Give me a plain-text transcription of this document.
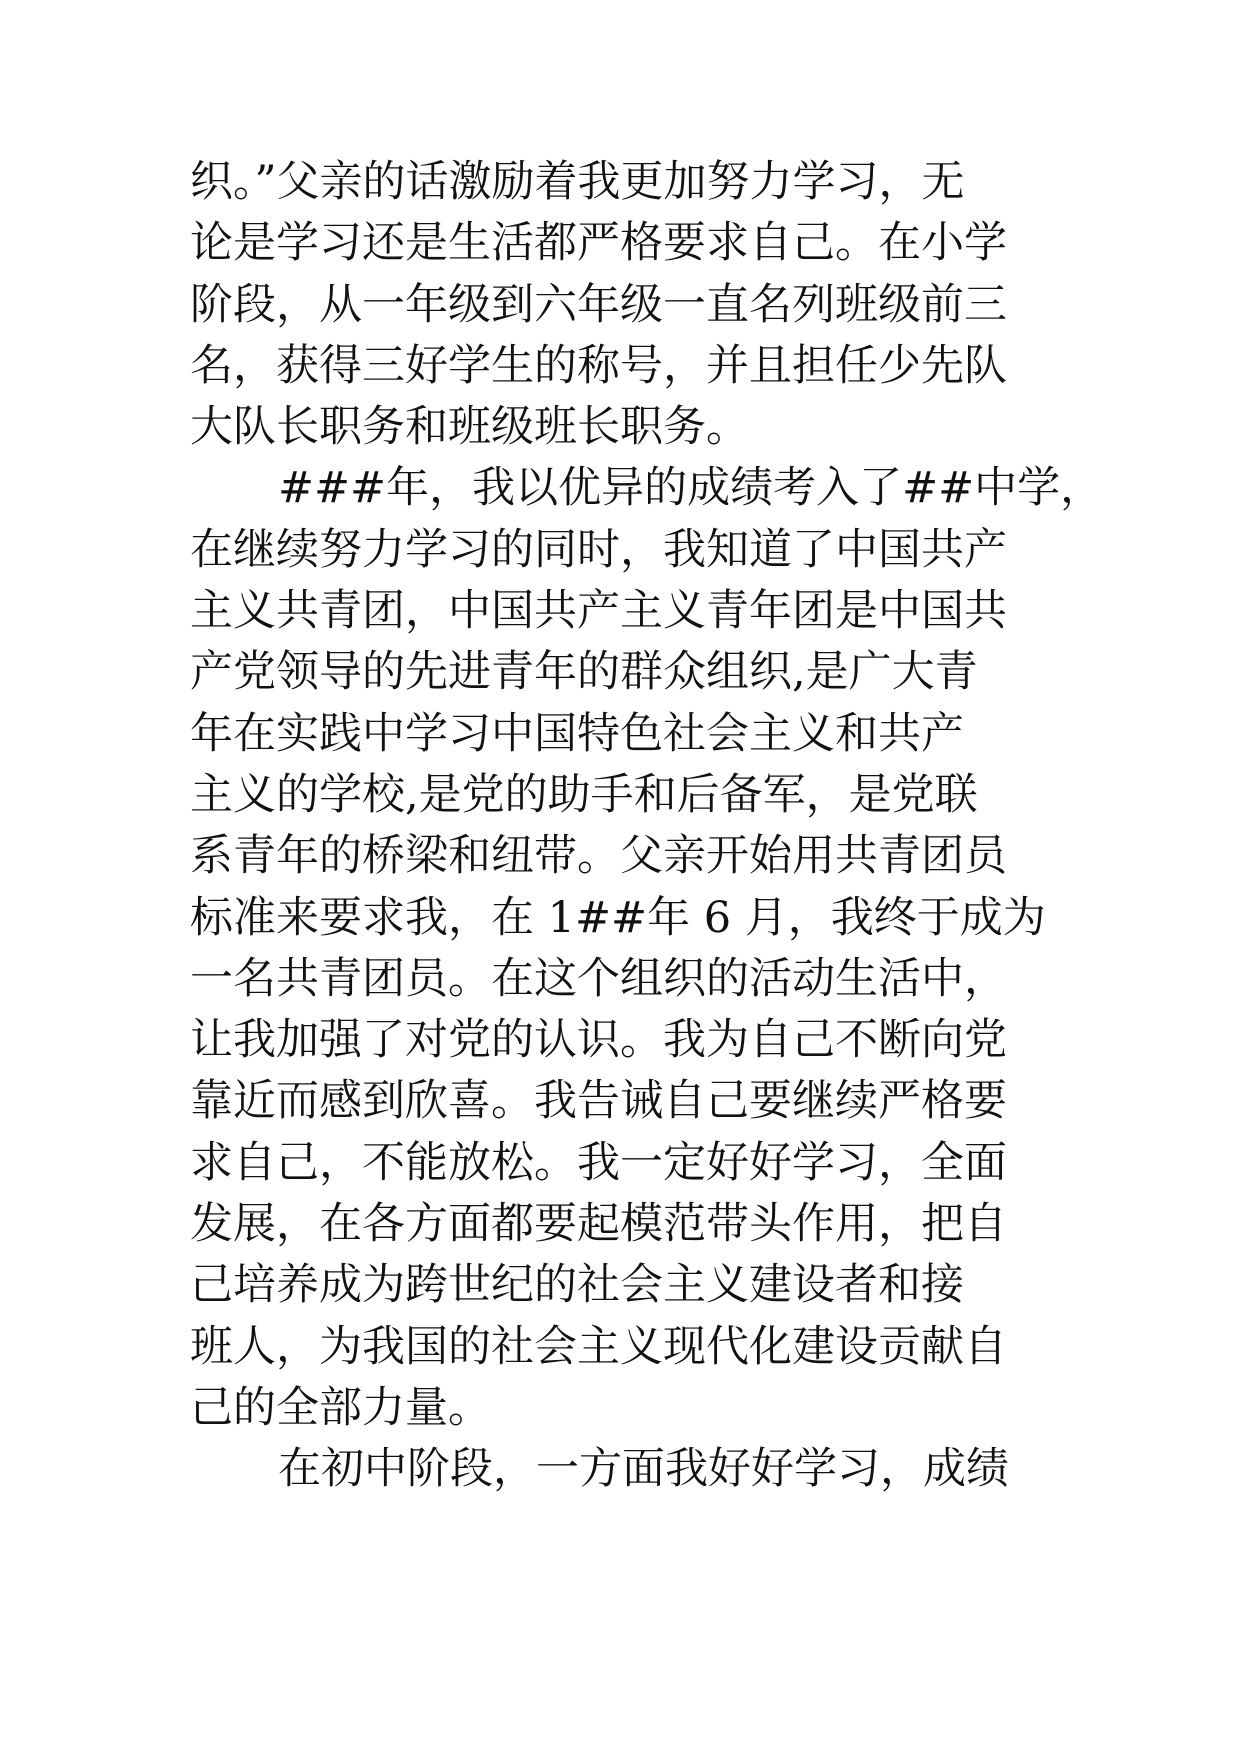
织。”父亲的话激励着我更加努力学习，无
论是学习还是生活都严格要求自己。在小学
阶段，从一年级到六年级一直名列班级前三
名，获得三好学生的称号，并且担任少先队
大队长职务和班级班长职务。
###年，我以优异的成绩考入了##中学，
在继续努力学习的同时，我知道了中国共产
主义共青团，中国共产主义青年团是中国共
产党领导的先进青年的群众组织,是广大青
年在实践中学习中国特色社会主义和共产
主义的学校,是党的助手和后备军，是党联
系青年的桥梁和纽带。父亲开始用共青团员
标准来要求我，在 1##年 6 月，我终于成为
一名共青团员。在这个组织的活动生活中，
让我加强了对党的认识。我为自己不断向党
靠近而感到欣喜。我告诫自己要继续严格要
求自己，不能放松。我一定好好学习，全面
发展，在各方面都要起模范带头作用，把自
己培养成为跨世纪的社会主义建设者和接
班人，为我国的社会主义现代化建设贡献自
己的全部力量。
在初中阶段，一方面我好好学习，成绩
